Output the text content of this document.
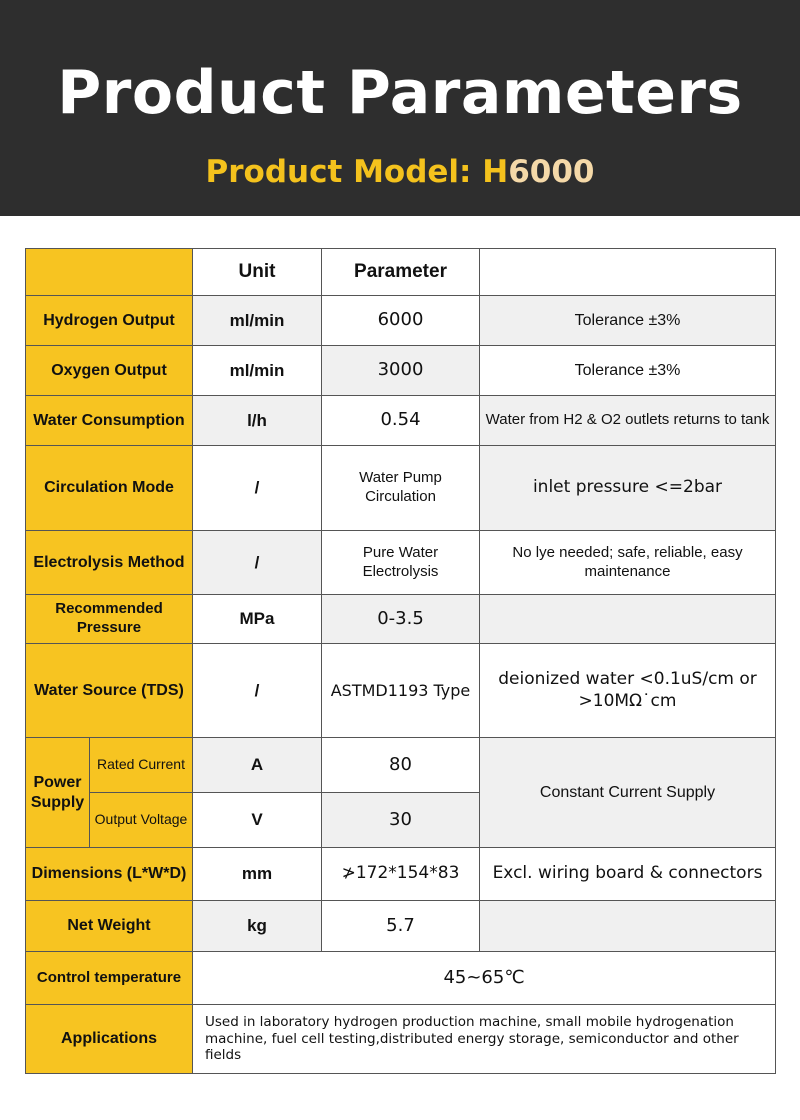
Product Parameters
Product Model: H6000
		Unit	Parameter	
Hydrogen Output		ml/min	6000	Tolerance ±3%
Oxygen Output		ml/min	3000	Tolerance ±3%
Water Consumption		l/h	0.54	Water from H2 & O2 outlets returns to tank
Circulation Mode		/	Water Pump Circulation	inlet pressure <=2bar
Electrolysis Method		/	Pure Water Electrolysis	No lye needed; safe, reliable, easy maintenance
Recommended Pressure		MPa	0-3.5	
Water Source (TDS)		/	ASTMD1193 Type	deionized water <0.1uS/cm or
>10MΩ˙cm

Power
Supply	Rated Current	A	80	Constant Current Supply
	Output Voltage	V	30	
Dimensions (L*W*D)		mm	≯172*154*83	Excl. wiring board & connectors
Net Weight		kg	5.7	
Control temperature		45~65℃		
Applications		Used in laboratory hydrogen production machine, small mobile hydrogenation
machine, fuel cell testing,distributed energy storage, semiconductor and other fields		
